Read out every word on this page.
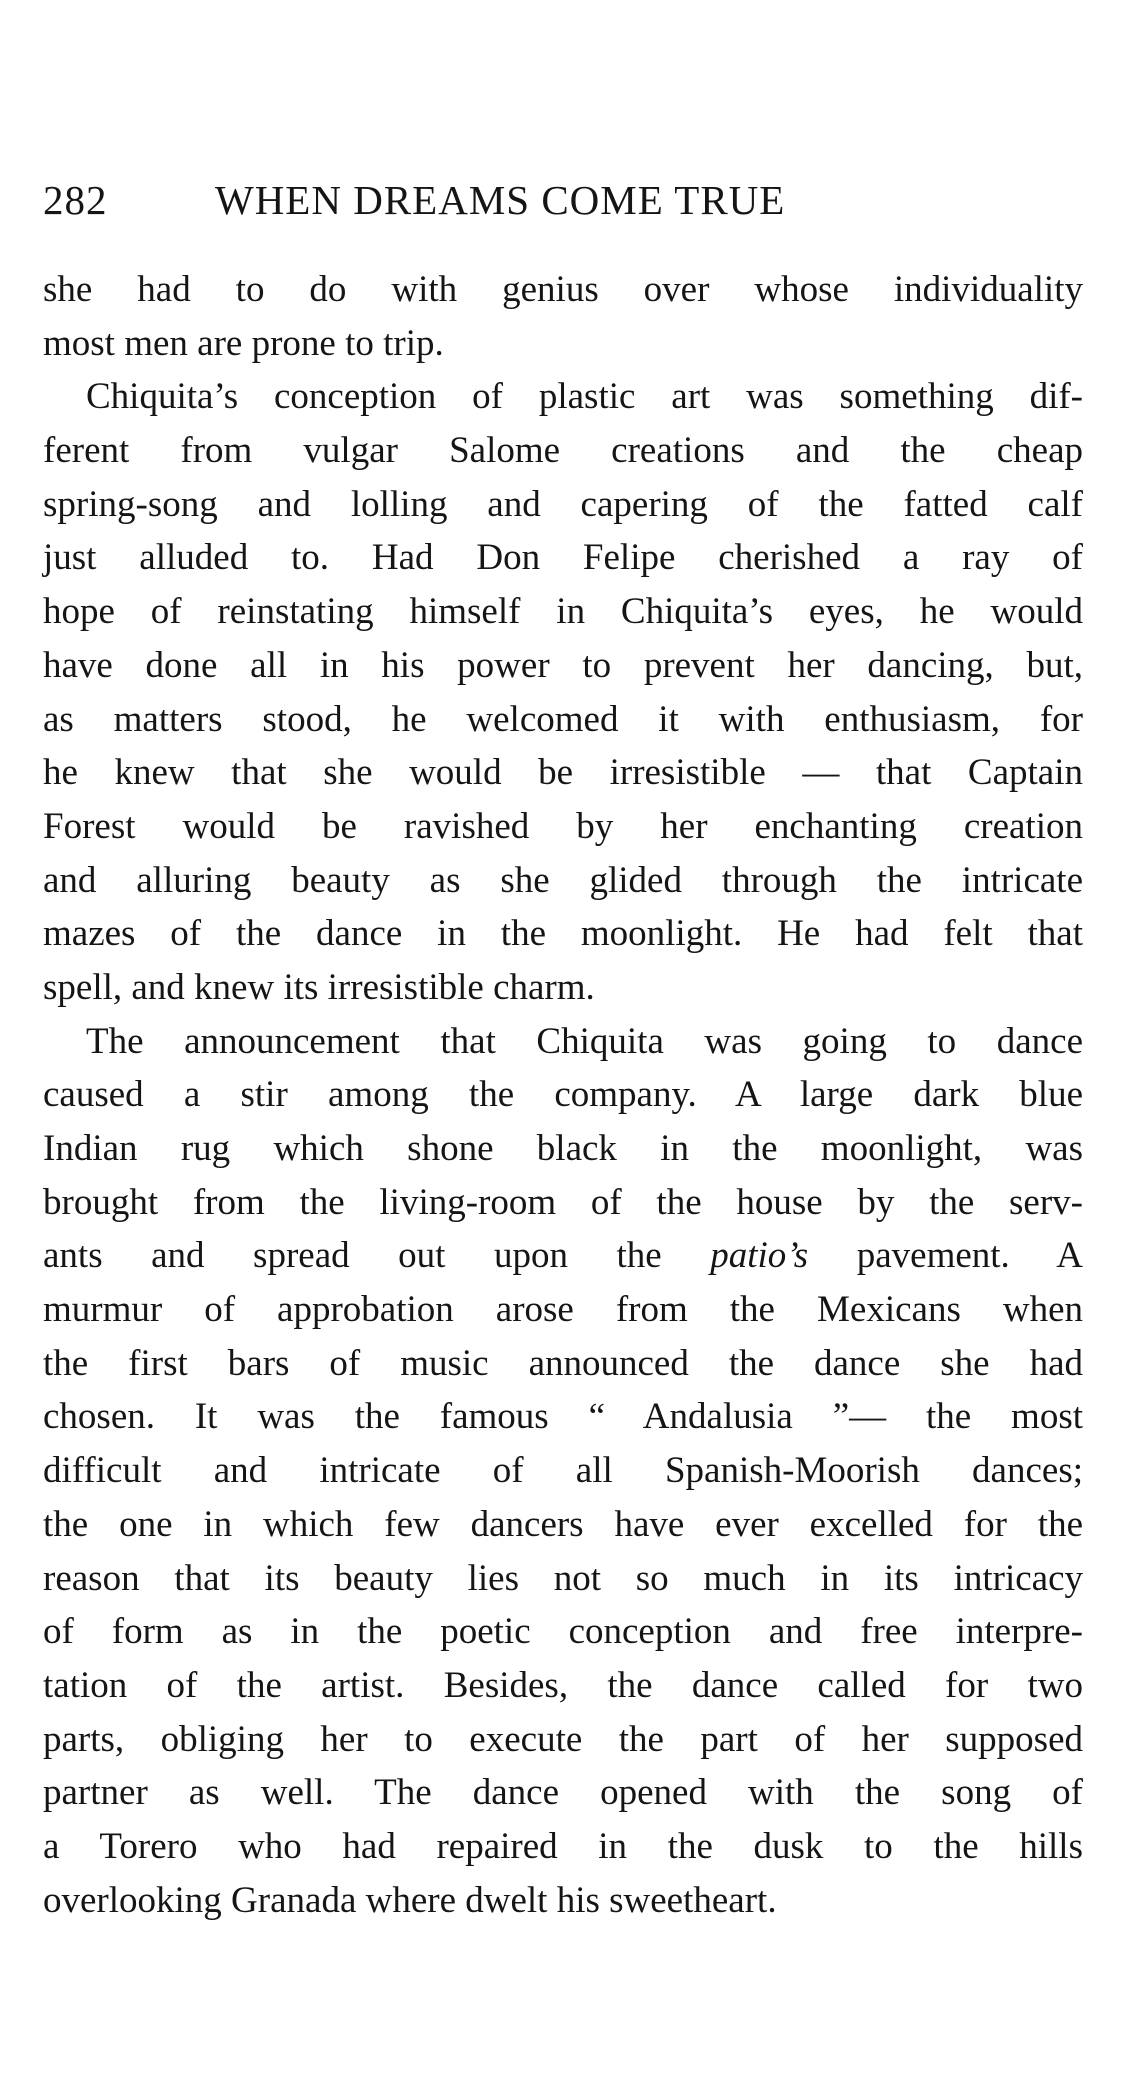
282	WHEN DREAMS COME TRUE
she had to do with genius over whose individuality
most men are prone to trip.
Chiquita’s conception of plastic art was something dif-
ferent from vulgar Salome creations and the cheap
spring-song and lolling and capering of the fatted calf
just alluded to. Had Don Felipe cherished a ray of
hope of reinstating himself in Chiquita’s eyes, he would
have done all in his power to prevent her dancing, but,
as matters stood, he welcomed it with enthusiasm, for
he knew that she would be irresistible — that Captain
Forest would be ravished by her enchanting creation
and alluring beauty as she glided through the intricate
mazes of the dance in the moonlight. He had felt that
spell, and knew its irresistible charm.
The announcement that Chiquita was going to dance
caused a stir among the company. A large dark blue
Indian rug which shone black in the moonlight, was
brought from the living-room of the house by the serv-
ants and spread out upon the patio’s pavement. A
murmur of approbation arose from the Mexicans when
the first bars of music announced the dance she had
chosen. It was the famous “ Andalusia ”— the most
difficult and intricate of all Spanish-Moorish dances;
the one in which few dancers have ever excelled for the
reason that its beauty lies not so much in its intricacy
of form as in the poetic conception and free interpre-
tation of the artist. Besides, the dance called for two
parts, obliging her to execute the part of her supposed
partner as well. The dance opened with the song of
a Torero who had repaired in the dusk to the hills
overlooking Granada where dwelt his sweetheart.
